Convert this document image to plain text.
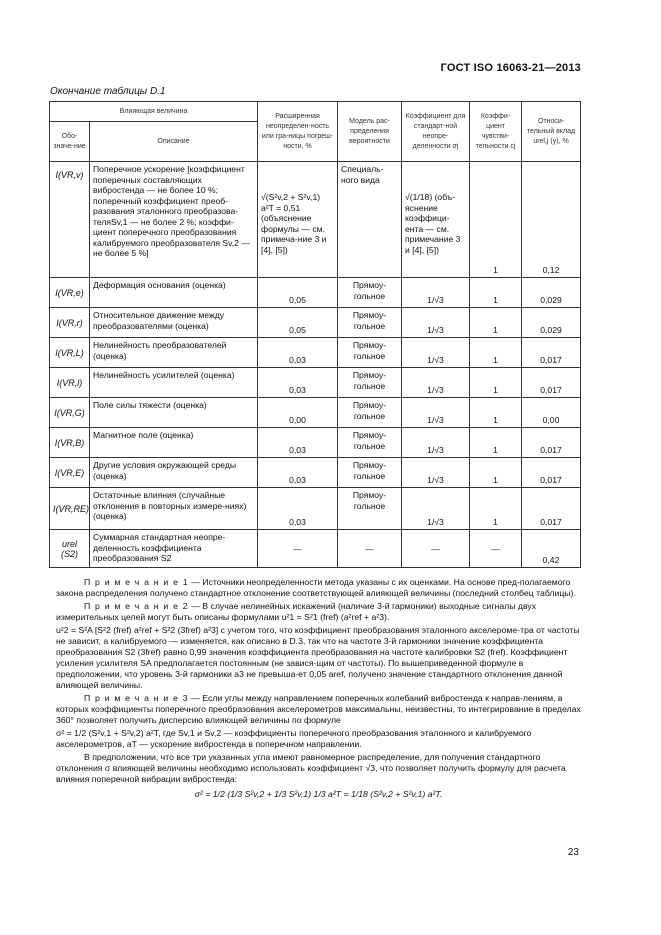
ГОСТ ISO 16063-21—2013
Окончание таблицы D.1
Влияющая величина		Расширенная неопределен-ность или гра-ницы погреш-ности, %	Модель рас-пределения вероятности	Коэффициент для стандарт-ной неопре-деленности σj	Коэффи-циент чувстви-тельности cj	Относи-тельный вклад urel,j (y), %
Обо-значе-ние	Описание					
I(VR,v)	Поперечное ускорение [коэффициент поперечных составляющих вибростенда — не более 10 %; поперечный коэффициент преоб-разования эталонного преобразова-теляSv,1 — не более 2 %; коэффи-циент поперечного преобразования калибруемого преобразователя Sv,2 — не более 5 %]	√(S²v,2 + S²v,1) a²T = 0,51 (объяснение формулы — см. примеча-ние 3 и [4], [5])	Специаль-ного вида	√(1/18) (объ-яснение коэффици-ента — см. примечание 3 и [4], [5])	1	0,12
I(VR,e)	Деформация основания (оценка)	0,05	Прямоу-гольное	1/√3	1	0,029
I(VR,r)	Относительное движение между преобразователями (оценка)	0,05	Прямоу-гольное	1/√3	1	0,029
I(VR,L)	Нелинейность преобразователей (оценка)	0,03	Прямоу-гольное	1/√3	1	0,017
I(VR,l)	Нелинейность усилителей (оценка)	0,03	Прямоу-гольное	1/√3	1	0,017
I(VR,G)	Поле силы тяжести (оценка)	0,00	Прямоу-гольное	1/√3	1	0,00
I(VR,B)	Магнитное поле (оценка)	0,03	Прямоу-гольное	1/√3	1	0,017
I(VR,E)	Другие условия окружающей среды (оценка)	0,03	Прямоу-гольное	1/√3	1	0,017
I(VR,RE)	Остаточные влияния (случайные отклонения в повторных измере-ниях) (оценка)	0,03	Прямоу-гольное	1/√3	1	0,017
urel (S2)	Суммарная стандартная неопре-деленность коэффициента преобразования S2	—	—	—	—	0,42

П р и м е ч а н и е 1 — Источники неопределенности метода указаны с их оценками. На основе пред-полагаемого закона распределения получено стандартное отклонение соответствующей влияющей величины (последний столбец таблицы).

П р и м е ч а н и е 2 — В случае нелинейных искажений (наличие 3-й гармоники) выходные сигналы двух измерительных цепей могут быть описаны формулами u²1 = S²1 (fref) (a²ref + a²3).

u²2 = S²A [S²2 (fref) a²ref + S²2 (3fref) a²3] с учетом того, что коэффициент преобразования эталонного акселероме-тра от частоты не зависит, а калибруемого — изменяется, как описано в D.3, так что на частоте 3-й гармоники значение коэффициента преобразования S2 (3fref) равно 0,99 значения коэффициента преобразования на частоте калибровки S2 (fref). Коэффициент усиления усилителя SA предполагается постоянным (не завися-щим от частоты). По вышеприведенной формуле в предположении, что уровень 3-й гармоники a3 не превыша-ет 0,05 aref, получено значение стандартного отклонения данной влияющей величины.

П р и м е ч а н и е 3 — Если углы между направлением поперечных колебаний вибростенда к направ-лениям, в которых коэффициенты поперечного преобразования акселерометров максимальны, неизвестны, то интегрирование в пределах 360° позволяет получить дисперсию влияющей величины по формуле

σ² = 1/2 (S²v,1 + S²v,2) a²T, где Sv,1 и Sv,2 — коэффициенты поперечного преобразования эталонного и калибруемого акселерометров, aT — ускорение вибростенда в поперечном направлении.

В предположении, что все три указанных угла имеют равномерное распределение, для получения стандартного отклонения σ влияющей величины необходимо использовать коэффициент √3, что позволяет получить формулу для расчета влияния поперечной вибрации вибростенда:

σ² = 1/2 (1/3 S²v,2 + 1/3 S²v,1) 1/3 a²T = 1/18 (S²v,2 + S²v,1) a²T.

23
